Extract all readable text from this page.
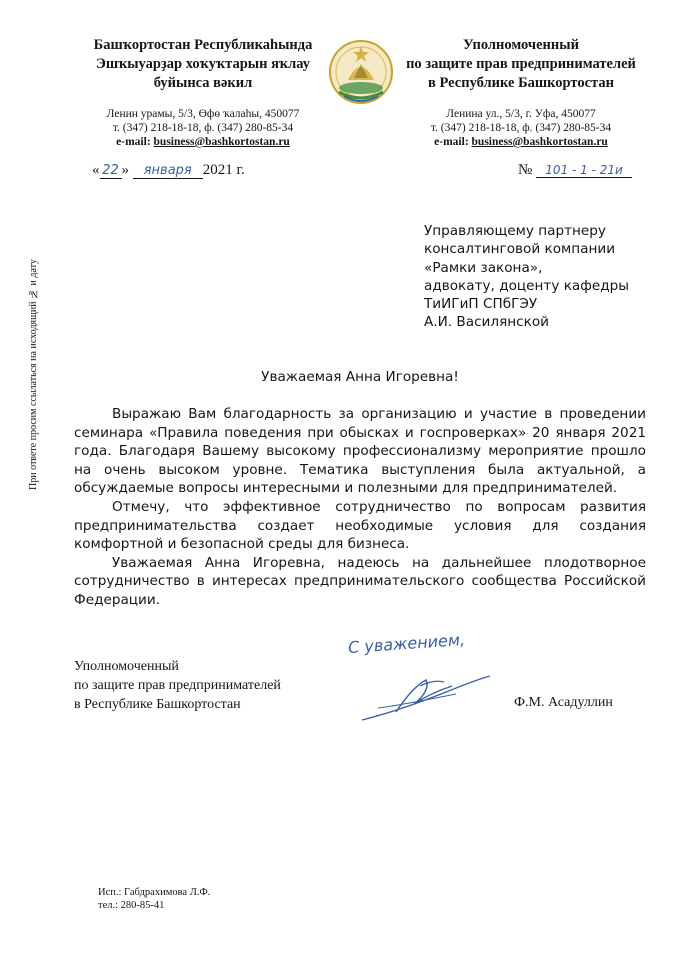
Башҡортостан Республикаһында
Эшҡыуарҙар хоҡуҡтарын яҡлау
буйынса вәкил
Ленин урамы, 5/3, Өфө ҡалаһы, 450077
т. (347) 218-18-18, ф. (347) 280-85-34
e-mail: business@bashkortostan.ru
Уполномоченный
по защите прав предпринимателей
в Республике Башкортостан
Ленина ул., 5/3, г. Уфа, 450077
т. (347) 218-18-18, ф. (347) 280-85-34
e-mail: business@bashkortostan.ru
« 22 » января 2021 г.	№ 101 - 1 - 21и
При ответе просим ссылаться на исходящий № и дату
Управляющему партнеру
консалтинговой компании
«Рамки закона»,
адвокату, доценту кафедры
ТиИГиП СПбГЭУ
А.И. Василянской
Уважаемая Анна Игоревна!

Выражаю Вам благодарность за организацию и участие в проведении семинара «Правила поведения при обысках и госпроверках» 20 января 2021 года. Благодаря Вашему высокому профессионализму мероприятие прошло на очень высоком уровне. Тематика выступления была актуальной, а обсуждаемые вопросы интересными и полезными для предпринимателей.

Отмечу, что эффективное сотрудничество по вопросам развития предпринимательства создает необходимые условия для создания комфортной и безопасной среды для бизнеса.

Уважаемая Анна Игоревна, надеюсь на дальнейшее плодотворное сотрудничество в интересах предпринимательского сообщества Российской Федерации.

С уважением,
Уполномоченный
по защите прав предпринимателей
в Республике Башкортостан	Ф.М. Асадуллин
Исп.: Габдрахимова Л.Ф.
тел.: 280-85-41
